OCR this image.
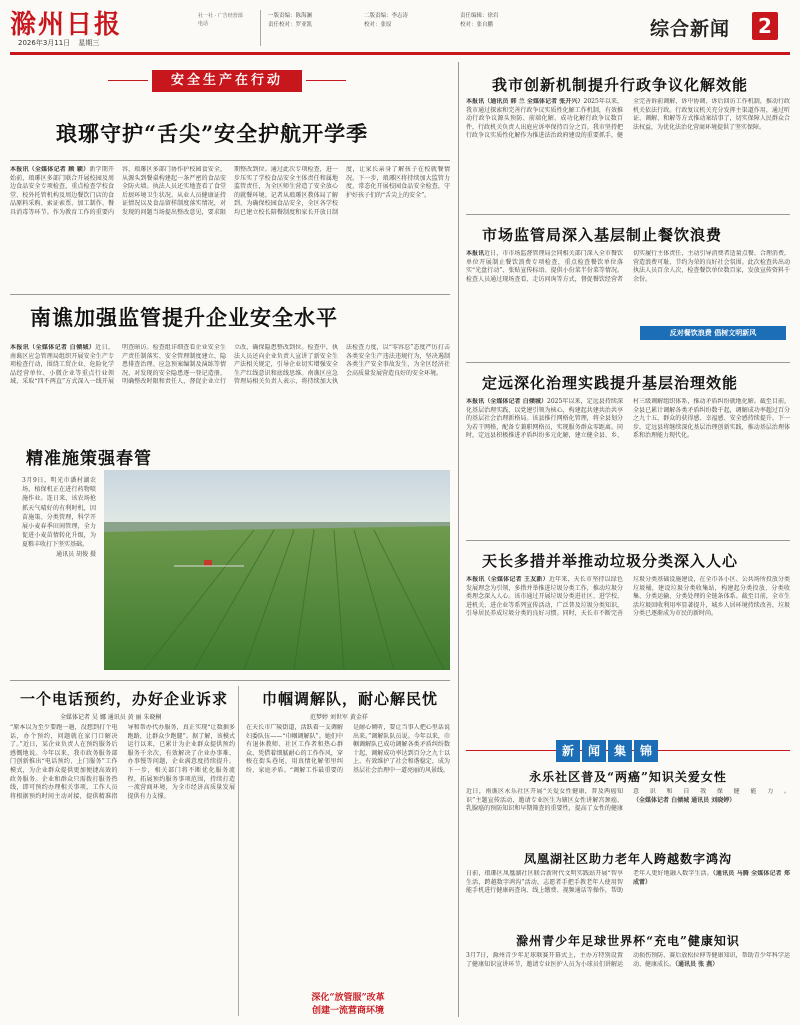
滁州日报
2026年3月11日 星期三
社一社 · 广告经营部
电话
一版责编：陈海澜	二版责编：李志涛	责任编辑：徐岩责任校对：罗亚凯	校对：张原	校对：张自鹏	综合新闻	2
安全生产在行动
琅琊守护“舌尖”安全护航开学季
本报讯（全媒体记者 顾 颖）新学期开始前，琅琊区多部门联合开展校园及周边食品安全专项检查，重点检查学校食堂、校外托管机构及周边餐饮门店的食品原料采购、索证索票、加工制作、餐具消毒等环节。作为教育工作的重要内容，琅琊区多部门协作护校园食安全，从源头到餐桌构建起一条严密的食品安全防火墙。执法人员还实地查看了食堂后厨环境卫生状况、从业人员健康证持证情况以及食品留样制度落实情况，对发现的问题当场提出整改意见，要求限期整改到位。通过此次专项检查，进一步压实了学校食品安全主体责任和属地监管责任，为全区师生营造了安全放心的就餐环境。记者从琅琊区教体局了解到，为确保校园食品安全，全区各学校均已建立校长陪餐制度和家长开放日制度，让家长亲身了解孩子在校就餐情况。下一步，琅琊区将持续加大监管力度，常态化开展校园食品安全检查，守护好孩子们的“舌尖上的安全”。
南谯加强监管提升企业安全水平
本报讯（全媒体记者 白倾城）近日，南谯区应急管理局组织开展安全生产专项检查行动，围绕工贸企业、危险化学品经营单位、小微企业等重点行业领域，采取“四不两直”方式深入一线开展明查暗访。检查组详细查看企业安全生产责任制落实、安全管理制度建立、隐患排查治理、应急预案编制及演练等情况，对发现的安全隐患逐一登记造册，明确整改时限和责任人，督促企业立行立改，确保隐患整改到位。检查中，执法人员还向企业负责人宣讲了新安全生产法相关规定，引导企业切实增强安全生产红线意识和底线思维。南谯区应急管理局相关负责人表示，将持续加大执法检查力度，以“零容忍”态度严厉打击各类安全生产违法违规行为，坚决遏制各类生产安全事故发生，为全区经济社会高质量发展营造良好的安全环境。
精准施策强春管
3月9日，明光市潘村湖农场，植保机正在进行药物喷施作业。连日来，该农场抢抓天气晴好的有利时机，因苗施策、分类管理，科学开展小麦春季田间管理，全力促进小麦苗情转化升级，为夏粮丰收打下坚实基础。

通讯员 胡俊 摄
一个电话预约，办好企业诉求
全媒体记者 吴 娜 通讯员 黄 丽 朱晓桐
“原本以为至少要跑一趟，没想到打个电话，办个预约，问题就在家门口解决了。”近日，某企业负责人在预约服务后感慨地说。今年以来，我市政务服务部门创新推出“电话预约、上门服务”工作模式，为企业群众提供更加便捷高效的政务服务。企业和群众只需拨打服务热线，即可预约办理相关事项，工作人员将根据预约时间主动对接，提供精准指导和帮办代办服务，真正实现“让数据多跑路，让群众少跑腿”。据了解，该模式运行以来，已累计为企业群众提供预约服务千余次，有效解决了企业办事难、办事慢等问题，企业满意度持续提升。下一步，相关部门将不断优化服务流程，拓展预约服务事项范围，持续打造一流营商环境，为全市经济高质量发展提供有力支撑。
巾帼调解队，耐心解民忧
范梦婷 刘世军 黄金祥
在天长市广陵街道，活跃着一支调解妇委队伍——“巾帼调解队”。她们中有退休教师、社区工作者和热心群众，凭借着细腻耐心的工作作风，穿梭在街头巷尾，用真情化解邻里纠纷、家庭矛盾。“调解工作最重要的是耐心倾听，要让当事人把心里话说出来。”调解队队员说。今年以来，巾帼调解队已成功调解各类矛盾纠纷数十起，调解成功率达到百分之九十以上，有效维护了社会和谐稳定，成为基层社会治理中一道亮丽的风景线。
深化“放管服”改革
创建一流营商环境
我市创新机制提升行政争议化解效能
本报讯（通讯员 韩 兰 全媒体记者 张开兴）2025年以来，我市通过探索和完善行政争议实质性化解工作机制，有效推动行政争议源头预防、前端化解，成功化解行政争议数百件，行政机关负责人出庭应诉率保持百分之百。我市坚持把行政争议实质性化解作为推进法治政府建设的重要抓手，健全完善诉前调解、诉中协调、诉后回访工作机制，推动行政机关依法行政。行政复议机关充分发挥主渠道作用，通过听证、调解、和解等方式推动案结事了，切实保障人民群众合法权益，为优化法治化营商环境提供了坚实保障。
市场监管局深入基层制止餐饮浪费
本报讯近日，市市场监督管理局会同相关部门深入全市餐饮单位开展制止餐饮浪费专项检查，重点检查餐饮单位落实“光盘行动”、张贴宣传标语、提供小份菜半份菜等情况。检查人员通过现场查看、走访问询等方式，督促餐饮经营者切实履行主体责任，主动引导消费者适量点餐、合理消费，营造浪费可耻、节约为荣的良好社会氛围。此次检查共出动执法人员百余人次，检查餐饮单位数百家，发放宣传资料千余份。
反对餐饮浪费 倡树文明新风
定远深化治理实践提升基层治理效能
本报讯（全媒体记者 白倾城）2025年以来，定远县持续深化基层治理实践，以党建引领为核心，构建起共建共治共享的基层社会治理新格局。该县推行网格化管理，将全县划分为若干网格，配备专兼职网格员，实现服务群众零距离。同时，定远县积极推进矛盾纠纷多元化解，建立健全县、乡、村三级调解组织体系，推动矛盾纠纷就地化解。截至目前，全县已累计调解各类矛盾纠纷数千起，调解成功率超过百分之九十五，群众的获得感、幸福感、安全感持续提升。下一步，定远县将继续深化基层治理创新实践，推动基层治理体系和治理能力现代化。
天长多措并举推动垃圾分类深入人心
本报讯（全媒体记者 王友新）近年来，天长市坚持以绿色发展理念为引领，多措并举推进垃圾分类工作，推动垃圾分类理念深入人心。该市通过开展垃圾分类进社区、进学校、进机关、进企业等系列宣传活动，广泛普及垃圾分类知识，引导居民养成垃圾分类的良好习惯。同时，天长市不断完善垃圾分类基础设施建设，在全市各小区、公共场所投放分类垃圾桶，建设垃圾分类收集站，构建起分类投放、分类收集、分类运输、分类处理的全链条体系。截至目前，全市生活垃圾回收利用率显著提升，城乡人居环境持续改善，垃圾分类已逐渐成为市民的新时尚。
新	闻	集	锦
永乐社区普及“两癌”知识关爱女性
近日，南谯区永乐社区开展“关爱女性健康，普及两癌知识”主题宣传活动，邀请专业医生为辖区女性讲解宫颈癌、乳腺癌的预防知识和早期筛查的重要性，提高了女性的健康意识和自我保健能力。（全媒体记者 白倾城 通讯员 刘晓婷）
凤凰湖社区助力老年人跨越数字鸿沟
日前，琅琊区凤凰湖社区联合新时代文明实践站开展“智享生活，跨越数字鸿沟”活动，志愿者手把手教老年人使用智能手机进行健康码查询、线上缴费、视频通话等操作，帮助老年人更好地融入数字生活。（通讯员 马腾 全媒体记者 郑成雷）
滁州青少年足球世界杯“充电”健康知识
3月7日，滁州青少年足球联赛开幕式上，主办方特别设置了健康知识宣讲环节，邀请专业医护人员为小球员们讲解运动损伤预防、赛后放松拉伸等健康知识，帮助青少年科学运动、健康成长。（通讯员 张 燕）
